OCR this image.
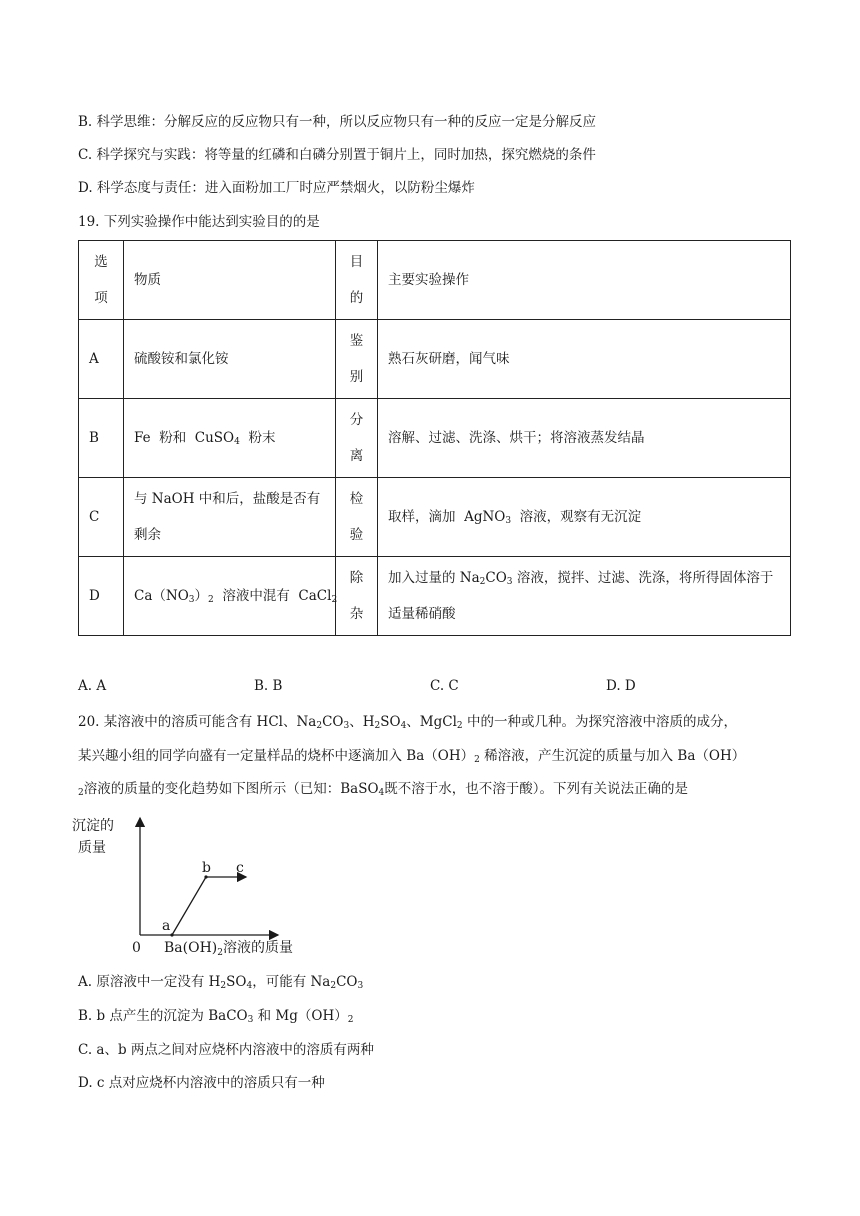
B. 科学思维：分解反应的反应物只有一种，所以反应物只有一种的反应一定是分解反应
C. 科学探究与实践：将等量的红磷和白磷分别置于铜片上，同时加热，探究燃烧的条件
D. 科学态度与责任：进入面粉加工厂时应严禁烟火，以防粉尘爆炸
19. 下列实验操作中能达到实验目的的是
选项	物质	目的	主要实验操作
A	硫酸铵和氯化铵	鉴别	熟石灰研磨，闻气味
B	Fe  粉和  CuSO$_4$  粉末	分离	溶解、过滤、洗涤、烘干；将溶液蒸发结晶
C	与 NaOH 中和后，盐酸是否有剩余	检验	取样，滴加  AgNO$_3$  溶液，观察有无沉淀
D	$Ca(NO_3)_2$  溶液中混有  CaCl$_2$	除杂	加入过量的 $Na_2CO_3$ 溶液，搅拌、过滤、洗涤，将所得固体溶于适量稀硝酸
A. A	B. B	C. C	D. D
20. 某溶液中的溶质可能含有 HCl、$Na_2CO_3$、$H_2SO_4$、MgCl$_2$ 中的一种或几种。为探究溶液中溶质的成分，
某兴趣小组的同学向盛有一定量样品的烧杯中逐滴加入 $Ba(OH)_2$ 稀溶液，产生沉淀的质量与加入 Ba（OH）
$_2$溶液的质量的变化趋势如下图所示（已知：BaSO$_4$既不溶于水，也不溶于酸）。下列有关说法正确的是
沉淀的
质量
0 $Ba(OH)_2$溶液的质量
a
b c
A. 原溶液中一定没有 $H_2SO_4$，可能有 $Na_2CO_3$
B. b 点产生的沉淀为 BaCO$_3$ 和 $Mg(OH)_2$
C. a、b 两点之间对应烧杯内溶液中的溶质有两种
D. c 点对应烧杯内溶液中的溶质只有一种
